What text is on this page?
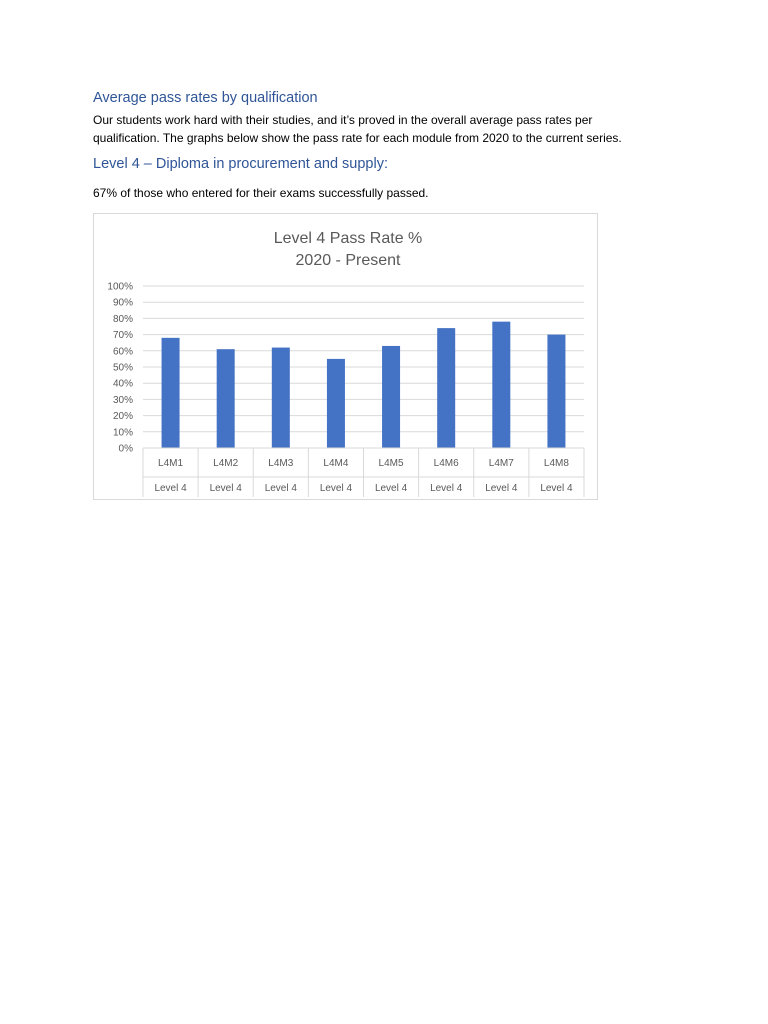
Average pass rates by qualification
Our students work hard with their studies, and it’s proved in the overall average pass rates per
qualification. The graphs below show the pass rate for each module from 2020 to the current series.
Level 4 – Diploma in procurement and supply:
67% of those who entered for their exams successfully passed.
Level 4 Pass Rate %
2020 - Present
0%
10%
20%
30%
40%
50%
60%
70%
80%
90%
100%
L4M1
Level 4
L4M2
Level 4
L4M3
Level 4
L4M4
Level 4
L4M5
Level 4
L4M6
Level 4
L4M7
Level 4
L4M8
Level 4
